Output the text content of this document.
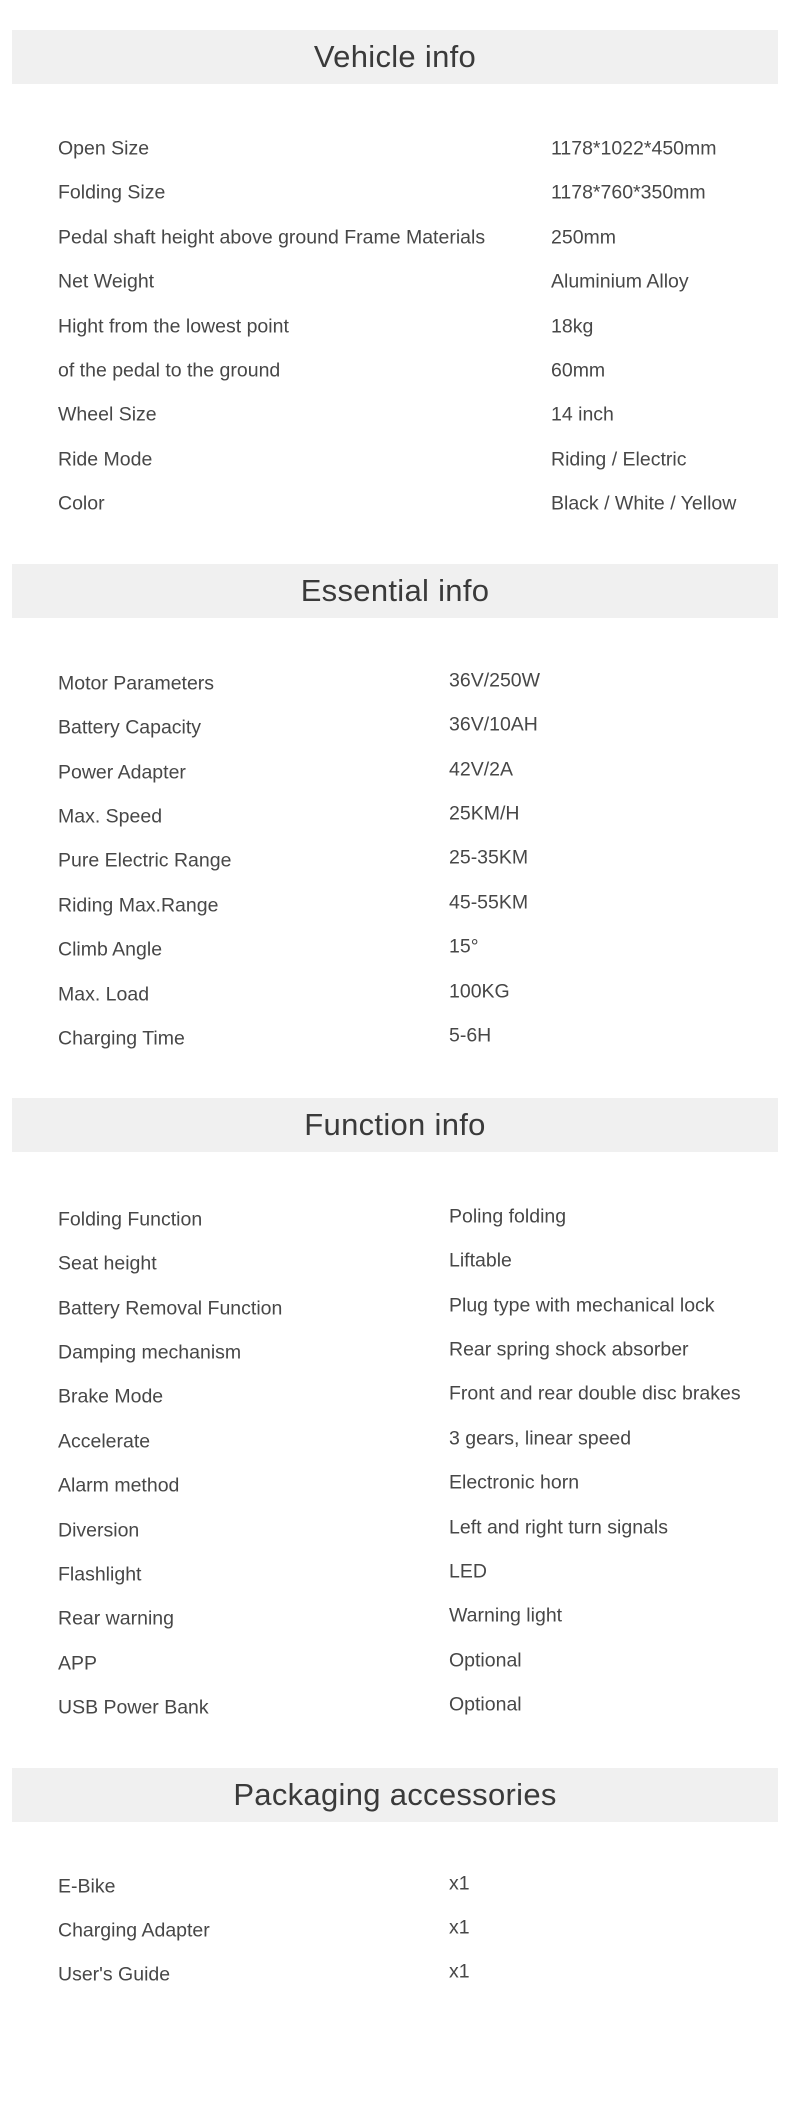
Vehicle info
Open Size	1178*1022*450mm
Folding Size	1178*760*350mm
Pedal shaft height above ground Frame Materials	250mm
Net Weight	Aluminium Alloy
Hight from the lowest point	18kg
of the pedal to the ground	60mm
Wheel Size	14 inch
Ride Mode	Riding / Electric
Color	Black / White / Yellow
Essential info
Motor Parameters	36V/250W
Battery Capacity	36V/10AH
Power Adapter	42V/2A
Max. Speed	25KM/H
Pure Electric Range	25-35KM
Riding Max.Range	45-55KM
Climb Angle	15°
Max. Load	100KG
Charging Time	5-6H
Function info
Folding Function	Poling folding
Seat height	Liftable
Battery Removal Function	Plug type with mechanical lock
Damping mechanism	Rear spring shock absorber
Brake Mode	Front and rear double disc brakes
Accelerate	3 gears, linear speed
Alarm method	Electronic horn
Diversion	Left and right turn signals
Flashlight	LED
Rear warning	Warning light
APP	Optional
USB Power Bank	Optional
Packaging accessories
E-Bike	x1
Charging Adapter	x1
User's Guide	x1
